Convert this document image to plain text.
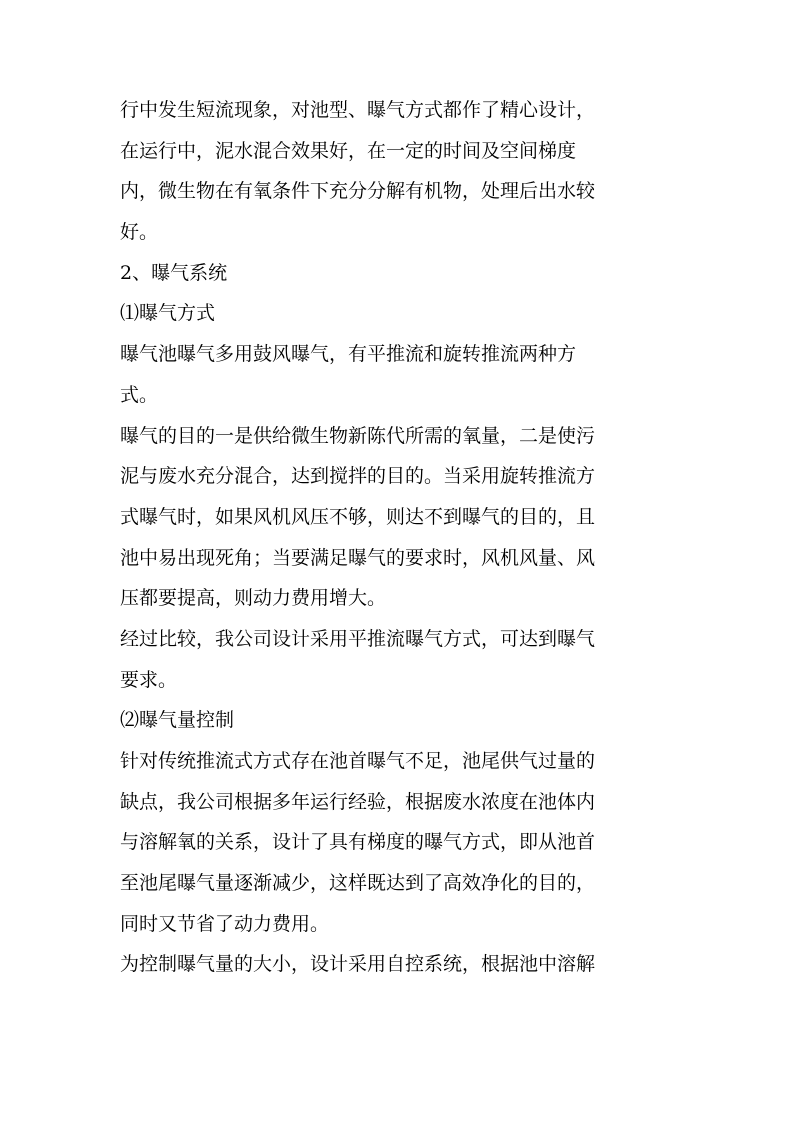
行中发生短流现象，对池型、曝气方式都作了精心设计，
在运行中，泥水混合效果好，在一定的时间及空间梯度
内，微生物在有氧条件下充分分解有机物，处理后出水较
好。
2、曝气系统
⑴曝气方式
曝气池曝气多用鼓风曝气，有平推流和旋转推流两种方
式。
曝气的目的一是供给微生物新陈代所需的氧量，二是使污
泥与废水充分混合，达到搅拌的目的。当采用旋转推流方
式曝气时，如果风机风压不够，则达不到曝气的目的，且
池中易出现死角；当要满足曝气的要求时，风机风量、风
压都要提高，则动力费用增大。
经过比较，我公司设计采用平推流曝气方式，可达到曝气
要求。
⑵曝气量控制
针对传统推流式方式存在池首曝气不足，池尾供气过量的
缺点，我公司根据多年运行经验，根据废水浓度在池体内
与溶解氧的关系，设计了具有梯度的曝气方式，即从池首
至池尾曝气量逐渐减少，这样既达到了高效净化的目的，
同时又节省了动力费用。
为控制曝气量的大小，设计采用自控系统，根据池中溶解
